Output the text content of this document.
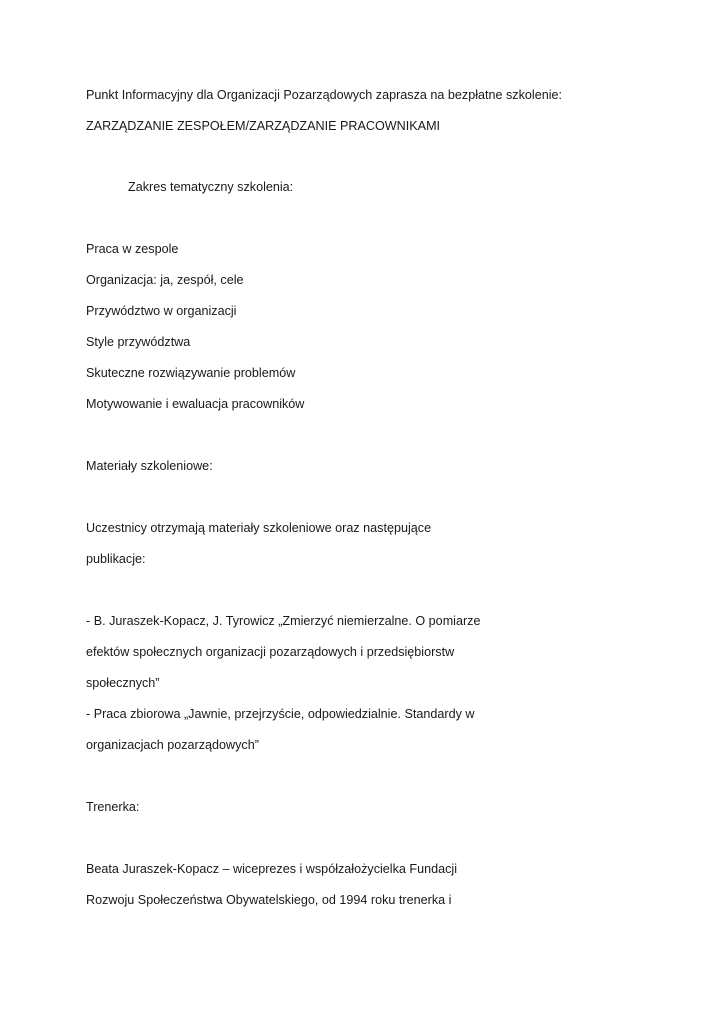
Punkt Informacyjny dla Organizacji Pozarządowych zaprasza na bezpłatne szkolenie:

ZARZĄDZANIE ZESPOŁEM/ZARZĄDZANIE PRACOWNIKAMI

Zakres tematyczny szkolenia:

Praca w zespole

Organizacja: ja, zespół, cele

Przywództwo w organizacji

Style przywództwa

Skuteczne rozwiązywanie problemów

Motywowanie i ewaluacja pracowników

Materiały szkoleniowe:

Uczestnicy otrzymają materiały szkoleniowe oraz następujące

publikacje:

- B. Juraszek-Kopacz, J. Tyrowicz „Zmierzyć niemierzalne. O pomiarze

efektów społecznych organizacji pozarządowych i przedsiębiorstw

społecznych”

- Praca zbiorowa „Jawnie, przejrzyście, odpowiedzialnie. Standardy w

organizacjach pozarządowych”

Trenerka:

Beata Juraszek-Kopacz – wiceprezes i współzałożycielka Fundacji

Rozwoju Społeczeństwa Obywatelskiego, od 1994 roku trenerka i
